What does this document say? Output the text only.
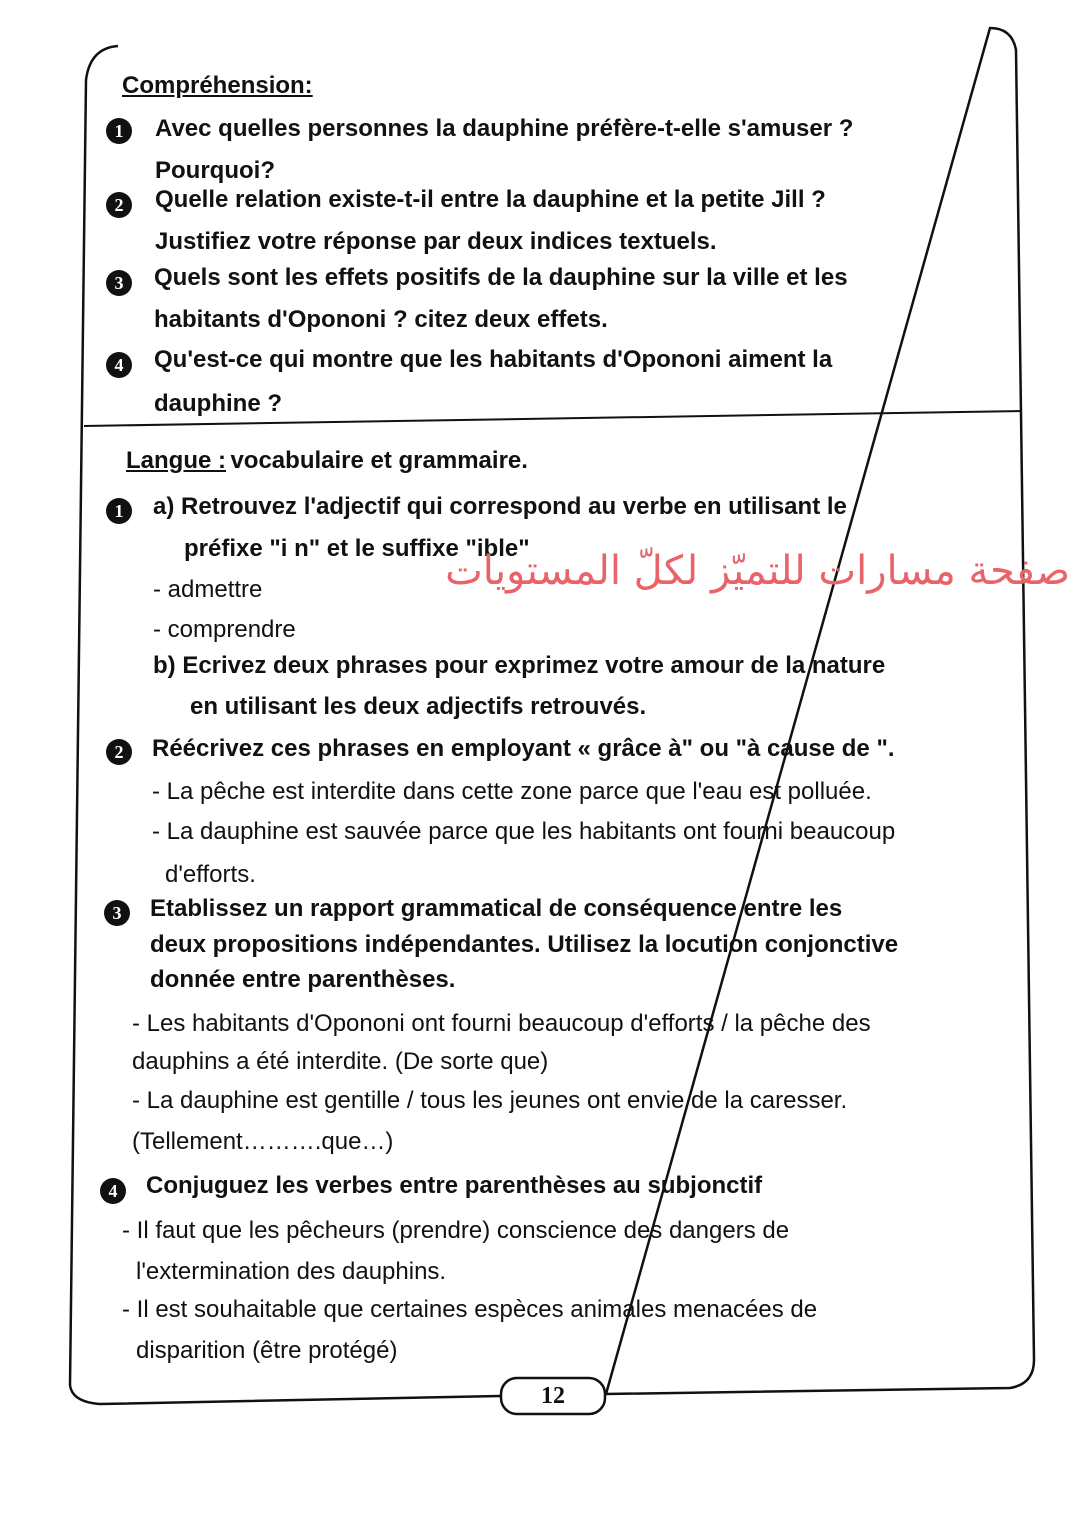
Compréhension:
1	Avec quelles personnes la dauphine préfère-t-elle s'amuser ?
Pourquoi?
2	Quelle relation existe-t-il entre la dauphine et la petite Jill ?
Justifiez votre réponse par deux indices textuels.
3	Quels sont les effets positifs de la dauphine sur la ville et les
habitants d'Opononi ? citez deux effets.
4	Qu'est-ce qui montre que les habitants d'Opononi aiment la
dauphine ?
Langue : vocabulaire et grammaire.
1	a) Retrouvez l'adjectif qui correspond au verbe en utilisant le
préfixe "i n" et le suffixe "ible"
- admettre
- comprendre
b) Ecrivez deux phrases pour exprimez votre amour de la nature
en utilisant les deux adjectifs retrouvés.
صفحة مسارات للتميّز لكلّ المستويات
2	Réécrivez ces phrases en employant « grâce à" ou "à cause de ".
- La pêche est interdite dans cette zone parce que l'eau est polluée.
- La dauphine est sauvée parce que les habitants ont fourni beaucoup
d'efforts.
3	Etablissez un rapport grammatical de conséquence entre les
deux propositions indépendantes. Utilisez la locution conjonctive
donnée entre parenthèses.
- Les habitants d'Opononi ont fourni beaucoup d'efforts / la pêche des
dauphins a été interdite. (De sorte que)
- La dauphine est gentille / tous les jeunes ont envie de la caresser.
(Tellement……….que…)
4	Conjuguez les verbes entre parenthèses au subjonctif
- Il faut que les pêcheurs (prendre) conscience des dangers de
l'extermination des dauphins.
- Il est souhaitable que certaines espèces animales menacées de
disparition (être protégé)
12
